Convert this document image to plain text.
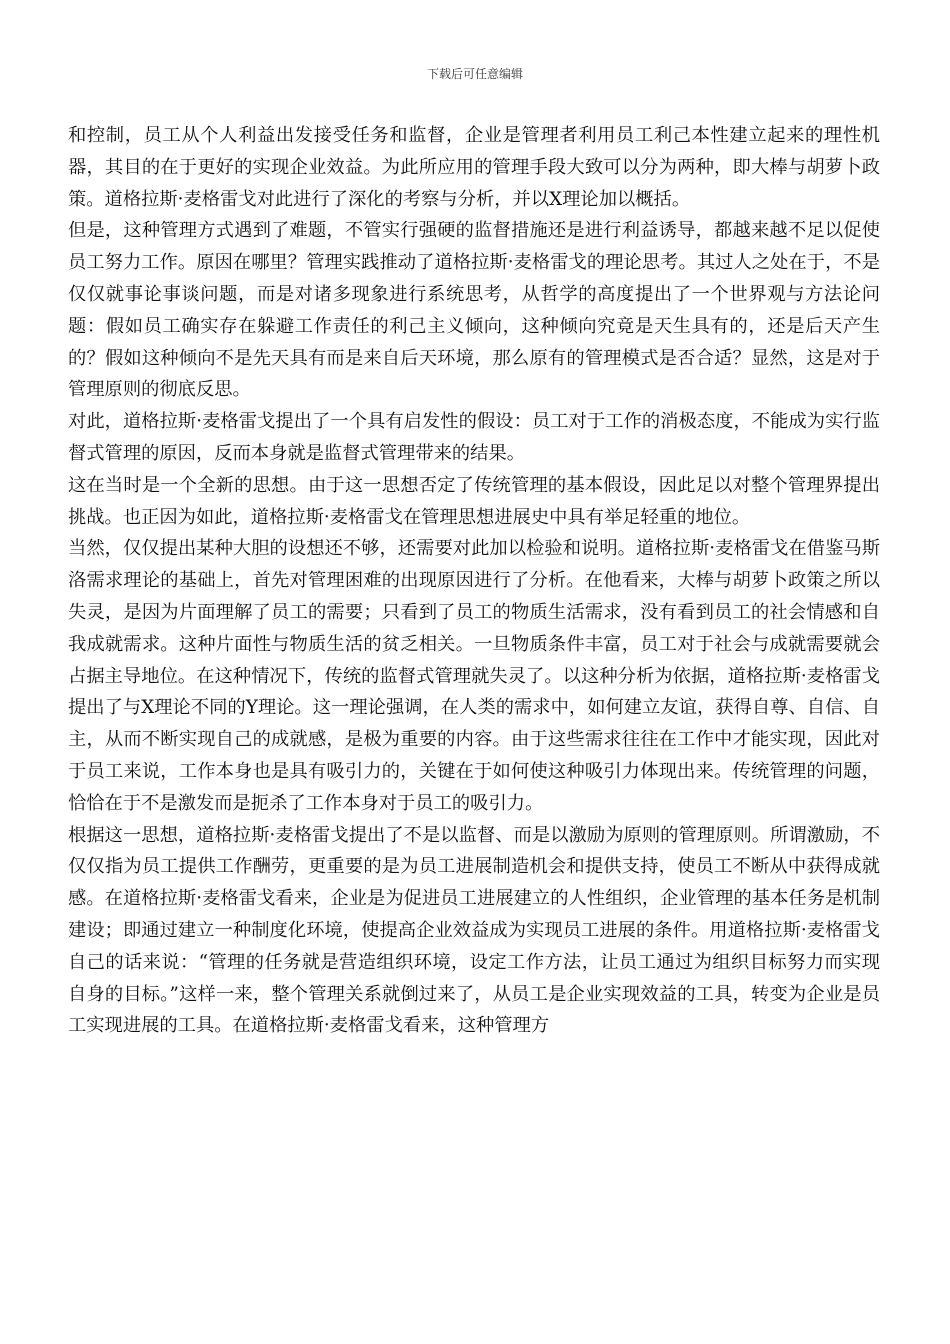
下载后可任意编辑

和控制，员工从个人利益出发接受任务和监督，企业是管理者利用员工利己本性建立起来的理性机器，其目的在于更好的实现企业效益。为此所应用的管理手段大致可以分为两种，即大棒与胡萝卜政策。道格拉斯·麦格雷戈对此进行了深化的考察与分析，并以X理论加以概括。

但是，这种管理方式遇到了难题，不管实行强硬的监督措施还是进行利益诱导，都越来越不足以促使员工努力工作。原因在哪里？管理实践推动了道格拉斯·麦格雷戈的理论思考。其过人之处在于，不是仅仅就事论事谈问题，而是对诸多现象进行系统思考，从哲学的高度提出了一个世界观与方法论问题：假如员工确实存在躲避工作责任的利己主义倾向，这种倾向究竟是天生具有的，还是后天产生的？假如这种倾向不是先天具有而是来自后天环境，那么原有的管理模式是否合适？显然，这是对于管理原则的彻底反思。

对此，道格拉斯·麦格雷戈提出了一个具有启发性的假设：员工对于工作的消极态度，不能成为实行监督式管理的原因，反而本身就是监督式管理带来的结果。

这在当时是一个全新的思想。由于这一思想否定了传统管理的基本假设，因此足以对整个管理界提出挑战。也正因为如此，道格拉斯·麦格雷戈在管理思想进展史中具有举足轻重的地位。

当然，仅仅提出某种大胆的设想还不够，还需要对此加以检验和说明。道格拉斯·麦格雷戈在借鉴马斯洛需求理论的基础上，首先对管理困难的出现原因进行了分析。在他看来，大棒与胡萝卜政策之所以失灵，是因为片面理解了员工的需要；只看到了员工的物质生活需求，没有看到员工的社会情感和自我成就需求。这种片面性与物质生活的贫乏相关。一旦物质条件丰富，员工对于社会与成就需要就会占据主导地位。在这种情况下，传统的监督式管理就失灵了。以这种分析为依据，道格拉斯·麦格雷戈提出了与X理论不同的Y理论。这一理论强调，在人类的需求中，如何建立友谊，获得自尊、自信、自主，从而不断实现自己的成就感，是极为重要的内容。由于这些需求往往在工作中才能实现，因此对于员工来说，工作本身也是具有吸引力的，关键在于如何使这种吸引力体现出来。传统管理的问题，恰恰在于不是激发而是扼杀了工作本身对于员工的吸引力。

根据这一思想，道格拉斯·麦格雷戈提出了不是以监督、而是以激励为原则的管理原则。所谓激励，不仅仅指为员工提供工作酬劳，更重要的是为员工进展制造机会和提供支持，使员工不断从中获得成就感。在道格拉斯·麦格雷戈看来，企业是为促进员工进展建立的人性组织，企业管理的基本任务是机制建设；即通过建立一种制度化环境，使提高企业效益成为实现员工进展的条件。用道格拉斯·麦格雷戈自己的话来说：“管理的任务就是营造组织环境，设定工作方法，让员工通过为组织目标努力而实现自身的目标。”这样一来，整个管理关系就倒过来了，从员工是企业实现效益的工具，转变为企业是员工实现进展的工具。在道格拉斯·麦格雷戈看来，这种管理方
